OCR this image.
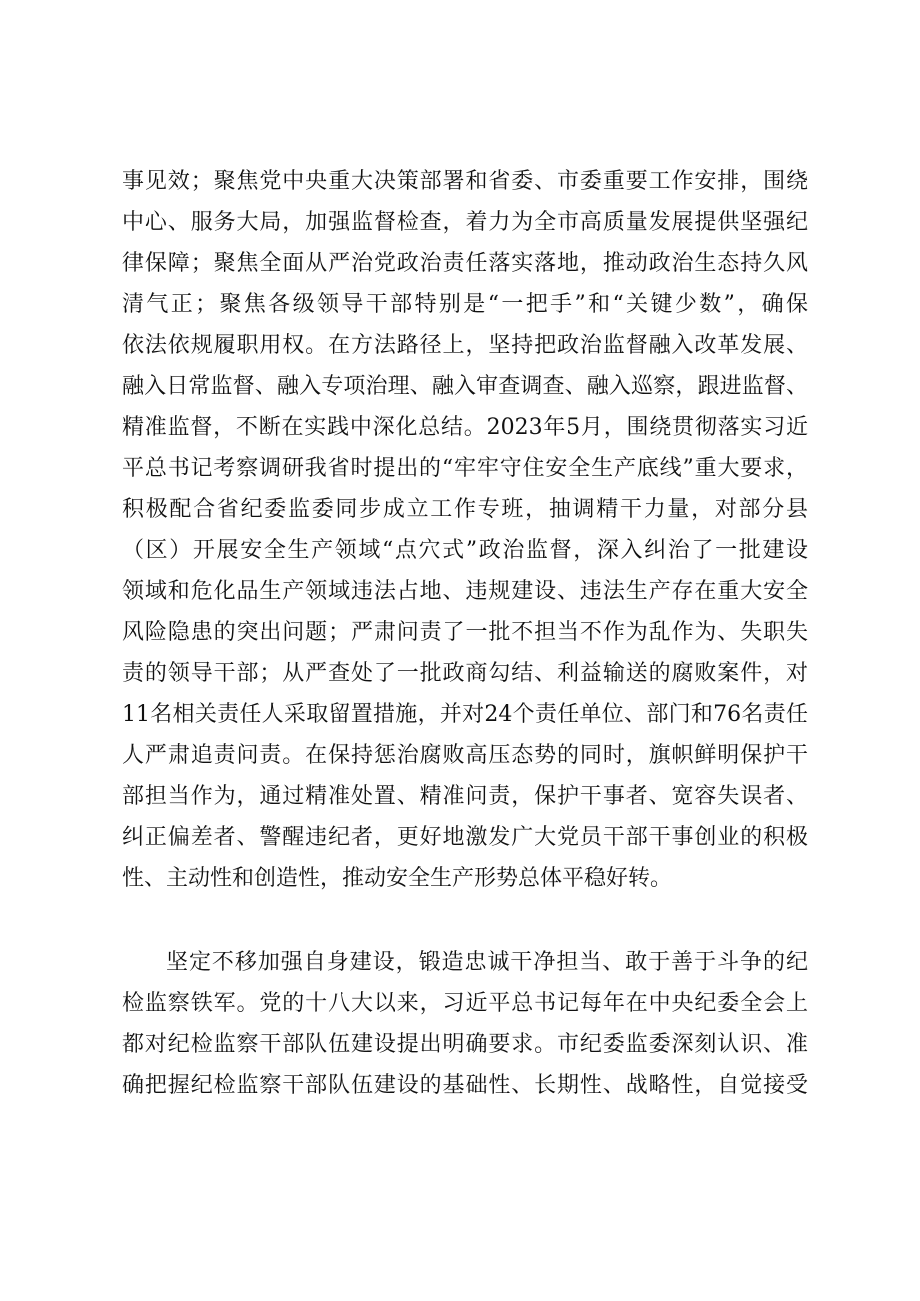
事见效；聚焦党中央重大决策部署和省委、市委重要工作安排，围绕
中心、服务大局，加强监督检查，着力为全市高质量发展提供坚强纪
律保障；聚焦全面从严治党政治责任落实落地，推动政治生态持久风
清气正；聚焦各级领导干部特别是“一把手”和“关键少数”，确保
依法依规履职用权。在方法路径上，坚持把政治监督融入改革发展、
融入日常监督、融入专项治理、融入审查调查、融入巡察，跟进监督、
精准监督，不断在实践中深化总结。2023年5月，围绕贯彻落实习近
平总书记考察调研我省时提出的“牢牢守住安全生产底线”重大要求，
积极配合省纪委监委同步成立工作专班，抽调精干力量，对部分县
（区）开展安全生产领域“点穴式”政治监督，深入纠治了一批建设
领域和危化品生产领域违法占地、违规建设、违法生产存在重大安全
风险隐患的突出问题；严肃问责了一批不担当不作为乱作为、失职失
责的领导干部；从严查处了一批政商勾结、利益输送的腐败案件，对
11名相关责任人采取留置措施，并对24个责任单位、部门和76名责任
人严肃追责问责。在保持惩治腐败高压态势的同时，旗帜鲜明保护干
部担当作为，通过精准处置、精准问责，保护干事者、宽容失误者、
纠正偏差者、警醒违纪者，更好地激发广大党员干部干事创业的积极
性、主动性和创造性，推动安全生产形势总体平稳好转。
坚定不移加强自身建设，锻造忠诚干净担当、敢于善于斗争的纪
检监察铁军。党的十八大以来，习近平总书记每年在中央纪委全会上
都对纪检监察干部队伍建设提出明确要求。市纪委监委深刻认识、准
确把握纪检监察干部队伍建设的基础性、长期性、战略性，自觉接受
